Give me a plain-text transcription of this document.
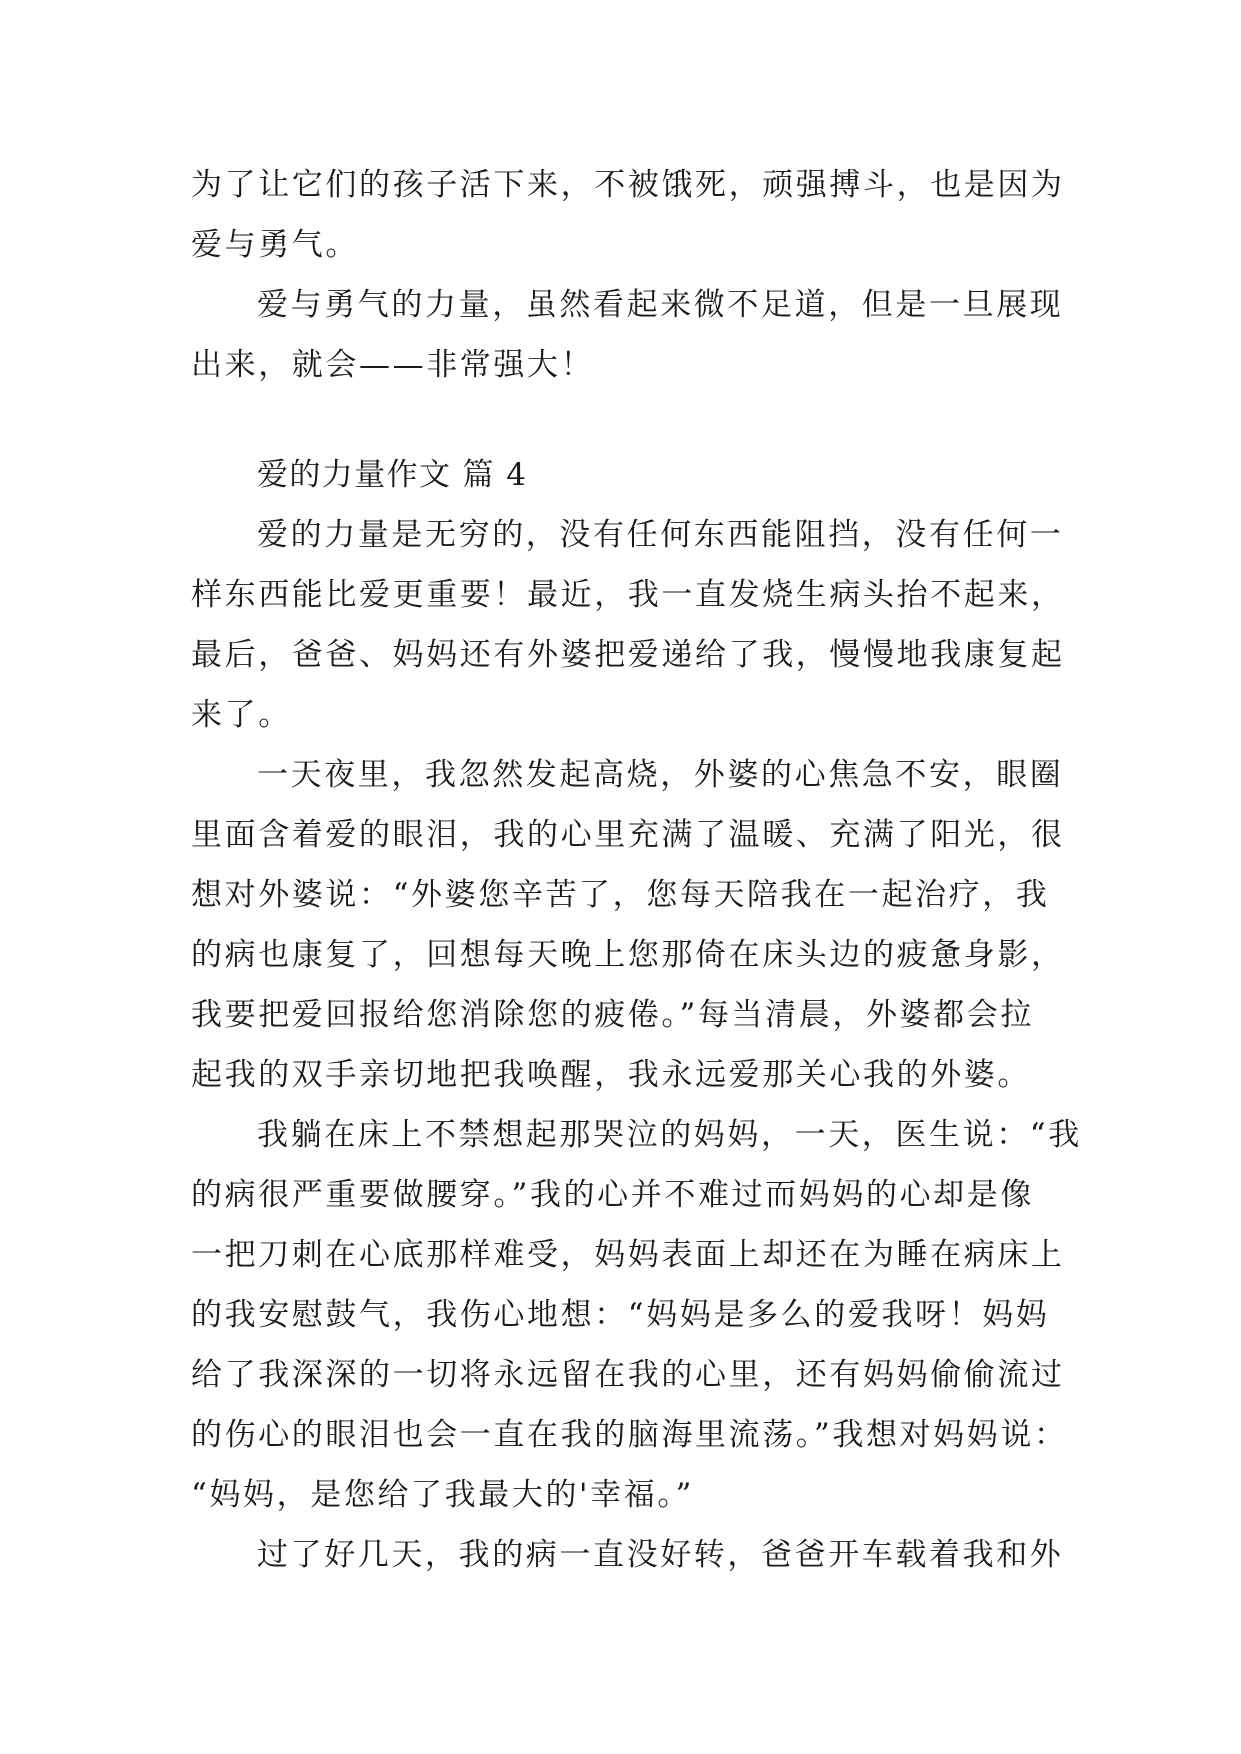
为了让它们的孩子活下来，不被饿死，顽强搏斗，也是因为
爱与勇气。
爱与勇气的力量，虽然看起来微不足道，但是一旦展现
出来，就会——非常强大！
爱的力量作文 篇 4
爱的力量是无穷的，没有任何东西能阻挡，没有任何一
样东西能比爱更重要！最近，我一直发烧生病头抬不起来，
最后，爸爸、妈妈还有外婆把爱递给了我，慢慢地我康复起
来了。
一天夜里，我忽然发起高烧，外婆的心焦急不安，眼圈
里面含着爱的眼泪，我的心里充满了温暖、充满了阳光，很
想对外婆说：“外婆您辛苦了，您每天陪我在一起治疗，我
的病也康复了，回想每天晚上您那倚在床头边的疲惫身影，
我要把爱回报给您消除您的疲倦。”每当清晨，外婆都会拉
起我的双手亲切地把我唤醒，我永远爱那关心我的外婆。
我躺在床上不禁想起那哭泣的妈妈，一天，医生说：“我
的病很严重要做腰穿。”我的心并不难过而妈妈的心却是像
一把刀刺在心底那样难受，妈妈表面上却还在为睡在病床上
的我安慰鼓气，我伤心地想：“妈妈是多么的爱我呀！妈妈
给了我深深的一切将永远留在我的心里，还有妈妈偷偷流过
的伤心的眼泪也会一直在我的脑海里流荡。”我想对妈妈说：
“妈妈，是您给了我最大的'幸福。”
过了好几天，我的病一直没好转，爸爸开车载着我和外
